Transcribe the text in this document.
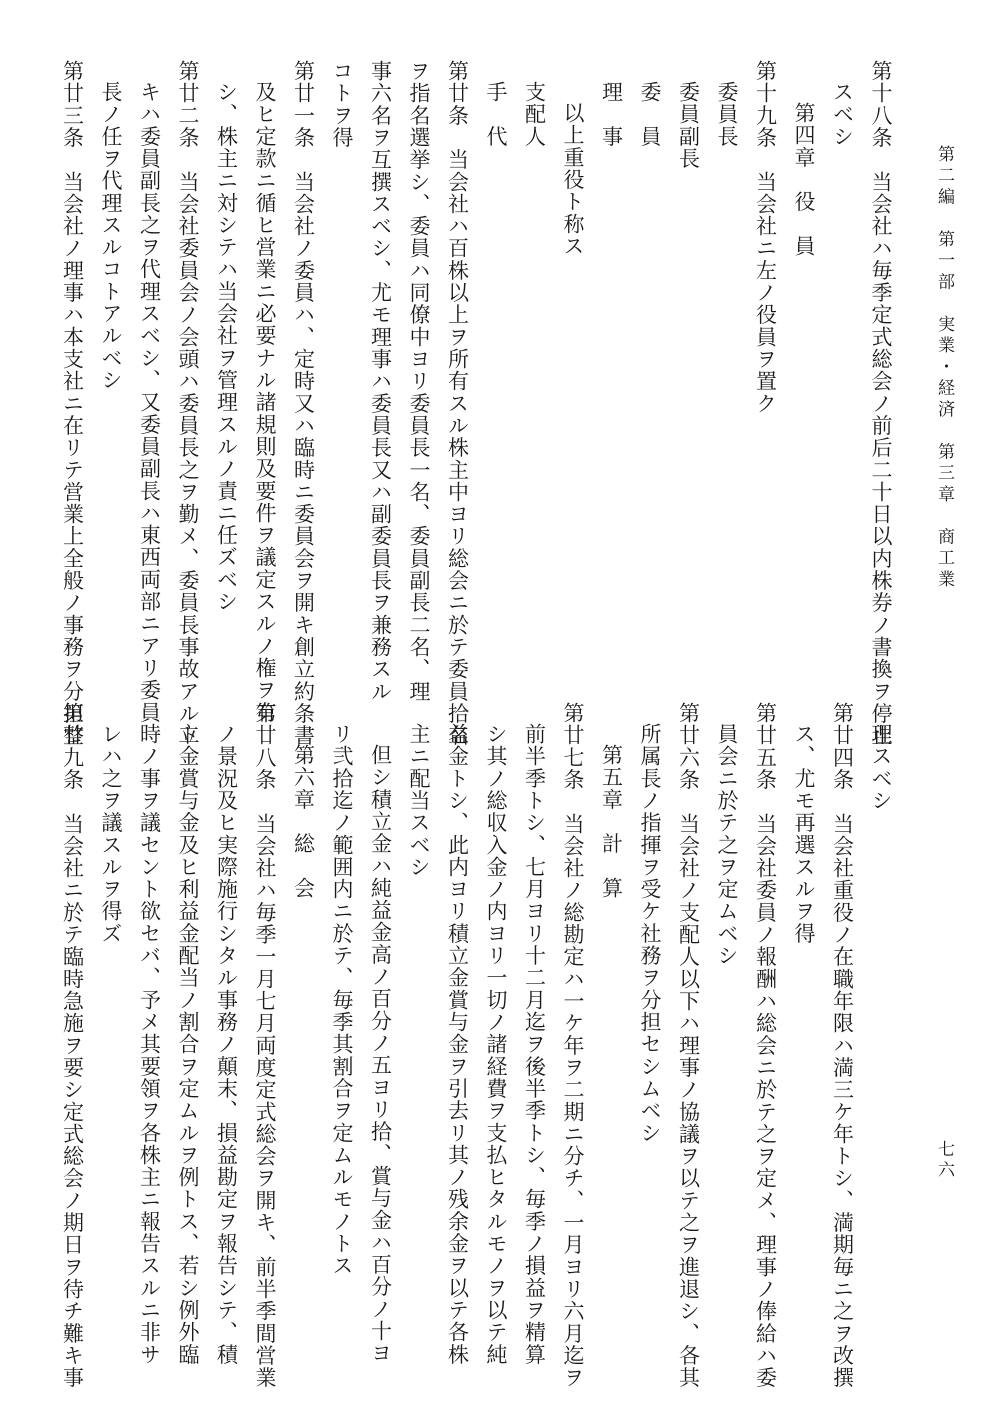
第二編　第一部　実業・経済　第三章　商工業
七六
第十八条　当会社ハ毎季定式総会ノ前后二十日以内株券ノ書換ヲ停止
スベシ
第四章　役　員
第十九条　当会社ニ左ノ役員ヲ置ク
委員長
委員副長
委　員
理　事
以上重役ト称ス
支配人
手　代
第廿条　当会社ハ百株以上ヲ所有スル株主中ヨリ総会ニ於テ委員拾名
ヲ指名選挙シ、委員ハ同僚中ヨリ委員長一名、委員副長二名、理
事六名ヲ互撰スベシ、尤モ理事ハ委員長又ハ副委員長ヲ兼務スル
コトヲ得
第廿一条　当会社ノ委員ハ、定時又ハ臨時ニ委員会ヲ開キ創立約条書
及ヒ定款ニ循ヒ営業ニ必要ナル諸規則及要件ヲ議定スルノ権ヲ有
シ、株主ニ対シテハ当会社ヲ管理スルノ責ニ任ズベシ
第廿二条　当会社委員会ノ会頭ハ委員長之ヲ勤メ、委員長事故アルト
キハ委員副長之ヲ代理スベシ、又委員副長ハ東西両部ニアリ委員
長ノ任ヲ代理スルコトアルベシ
第廿三条　当会社ノ理事ハ本支社ニ在リテ営業上全般ノ事務ヲ分担整
理スベシ
第廿四条　当会社重役ノ在職年限ハ満三ケ年トシ、満期毎ニ之ヲ改撰
ス、尤モ再選スルヲ得
第廿五条　当会社委員ノ報酬ハ総会ニ於テ之ヲ定メ、理事ノ俸給ハ委
員会ニ於テ之ヲ定ムベシ
第廿六条　当会社ノ支配人以下ハ理事ノ協議ヲ以テ之ヲ進退シ、各其
所属長ノ指揮ヲ受ケ社務ヲ分担セシムベシ
第五章　計　算
第廿七条　当会社ノ総勘定ハ一ケ年ヲ二期ニ分チ、一月ヨリ六月迄ヲ
前半季トシ、七月ヨリ十二月迄ヲ後半季トシ、毎季ノ損益ヲ精算
シ其ノ総収入金ノ内ヨリ一切ノ諸経費ヲ支払ヒタルモノヲ以テ純
益金トシ、此内ヨリ積立金賞与金ヲ引去リ其ノ残余金ヲ以テ各株
主ニ配当スベシ
但シ積立金ハ純益金高ノ百分ノ五ヨリ拾、賞与金ハ百分ノ十ヨ
リ弐拾迄ノ範囲内ニ於テ、毎季其割合ヲ定ムルモノトス
第六章　総　会
第廿八条　当会社ハ毎季一月七月両度定式総会ヲ開キ、前半季間営業
ノ景況及ヒ実際施行シタル事務ノ顛末、損益勘定ヲ報告シテ、積
立金賞与金及ヒ利益金配当ノ割合ヲ定ムルヲ例トス、若シ例外臨
時ノ事ヲ議セント欲セバ、予メ其要領ヲ各株主ニ報告スルニ非サ
レハ之ヲ議スルヲ得ズ
第廿九条　当会社ニ於テ臨時急施ヲ要シ定式総会ノ期日ヲ待チ難キ事
